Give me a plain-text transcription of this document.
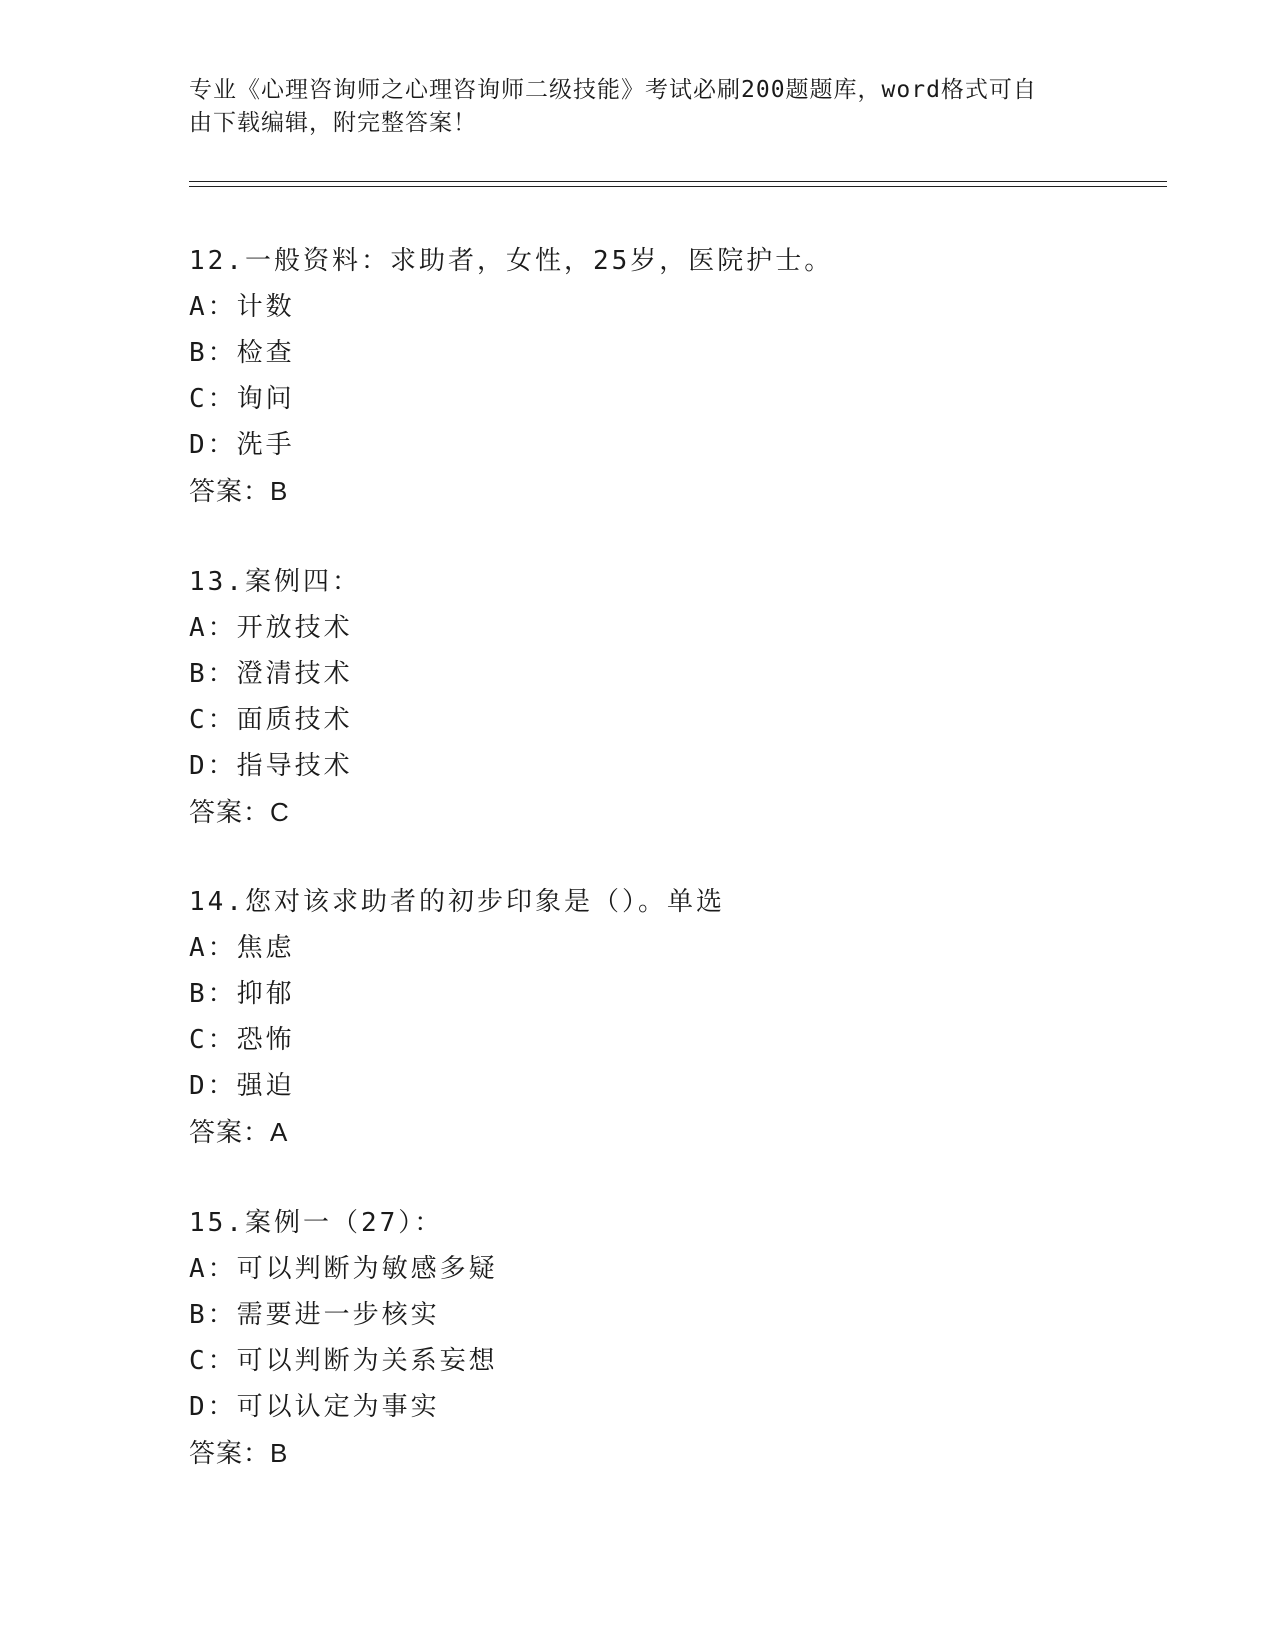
专业《心理咨询师之心理咨询师二级技能》考试必刷200题题库，word格式可自
由下载编辑，附完整答案！
12.一般资料：求助者，女性，25岁，医院护士。
A：计数
B：检查
C：询问
D：洗手
答案：B
13.案例四：
A：开放技术
B：澄清技术
C：面质技术
D：指导技术
答案：C
14.您对该求助者的初步印象是（）。单选
A：焦虑
B：抑郁
C：恐怖
D：强迫
答案：A
15.案例一（27）：
A：可以判断为敏感多疑
B：需要进一步核实
C：可以判断为关系妄想
D：可以认定为事实
答案：B
